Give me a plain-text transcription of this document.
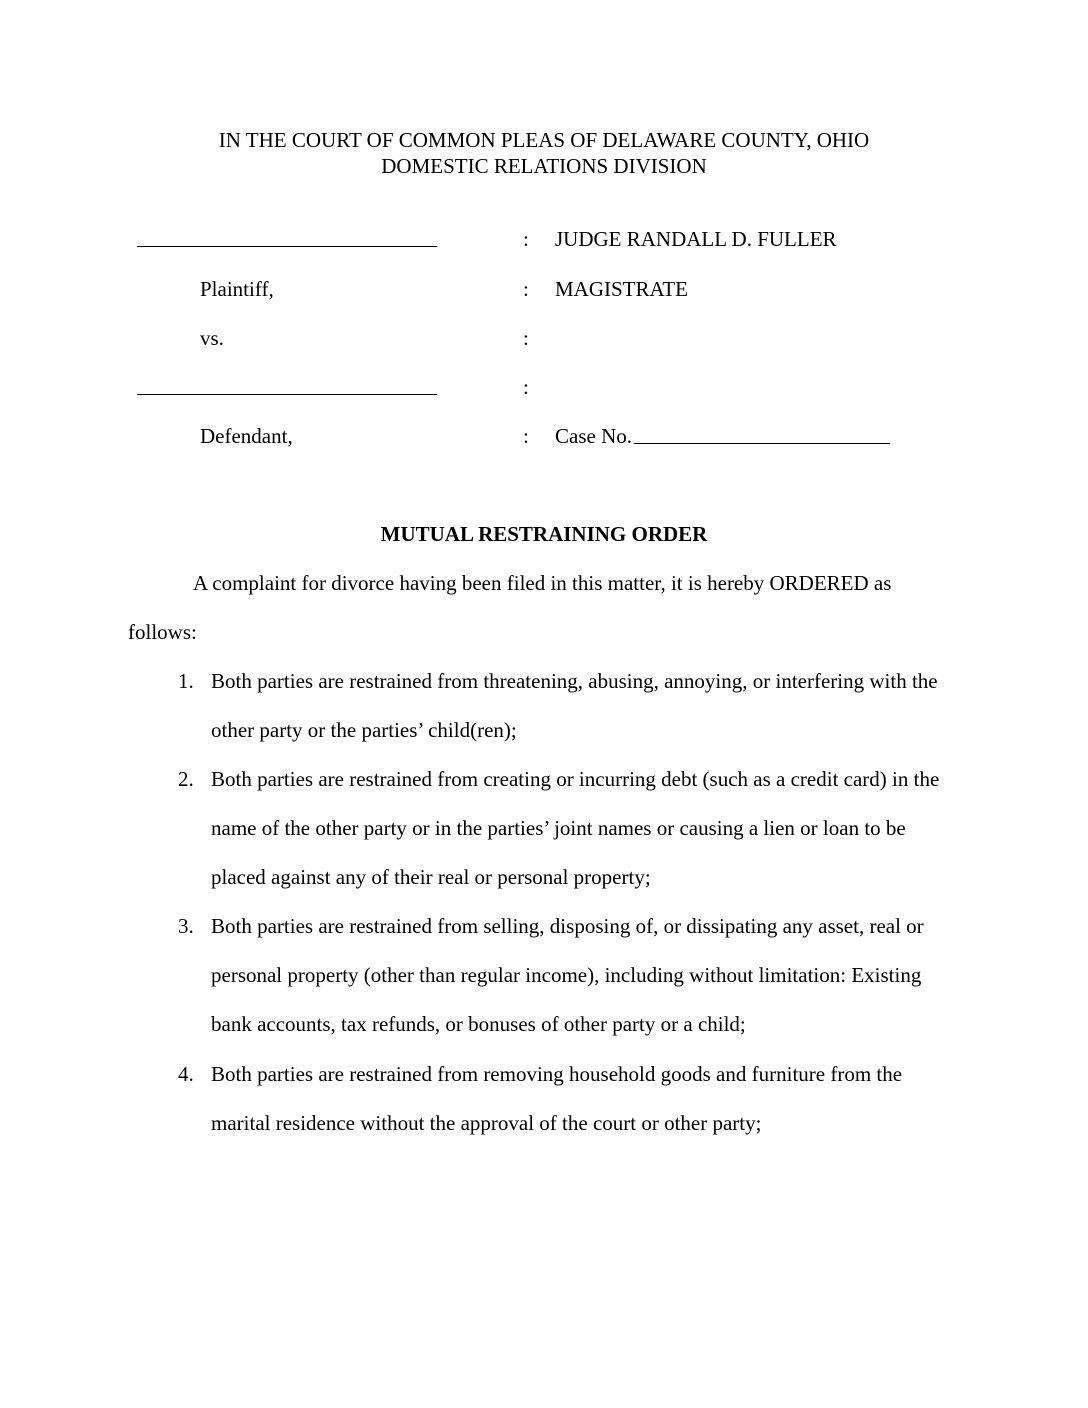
IN THE COURT OF COMMON PLEAS OF DELAWARE COUNTY, OHIO
DOMESTIC RELATIONS DIVISION
Plaintiff,
vs.
Defendant,
:
:
:
:
:
JUDGE RANDALL D. FULLER
MAGISTRATE
Case No.
MUTUAL RESTRAINING ORDER
A complaint for divorce having been filed in this matter, it is hereby ORDERED as
follows:
1. Both parties are restrained from threatening, abusing, annoying, or interfering with the
other party or the parties’ child(ren);
2. Both parties are restrained from creating or incurring debt (such as a credit card) in the
name of the other party or in the parties’ joint names or causing a lien or loan to be
placed against any of their real or personal property;
3. Both parties are restrained from selling, disposing of, or dissipating any asset, real or
personal property (other than regular income), including without limitation: Existing
bank accounts, tax refunds, or bonuses of other party or a child;
4. Both parties are restrained from removing household goods and furniture from the
marital residence without the approval of the court or other party;
